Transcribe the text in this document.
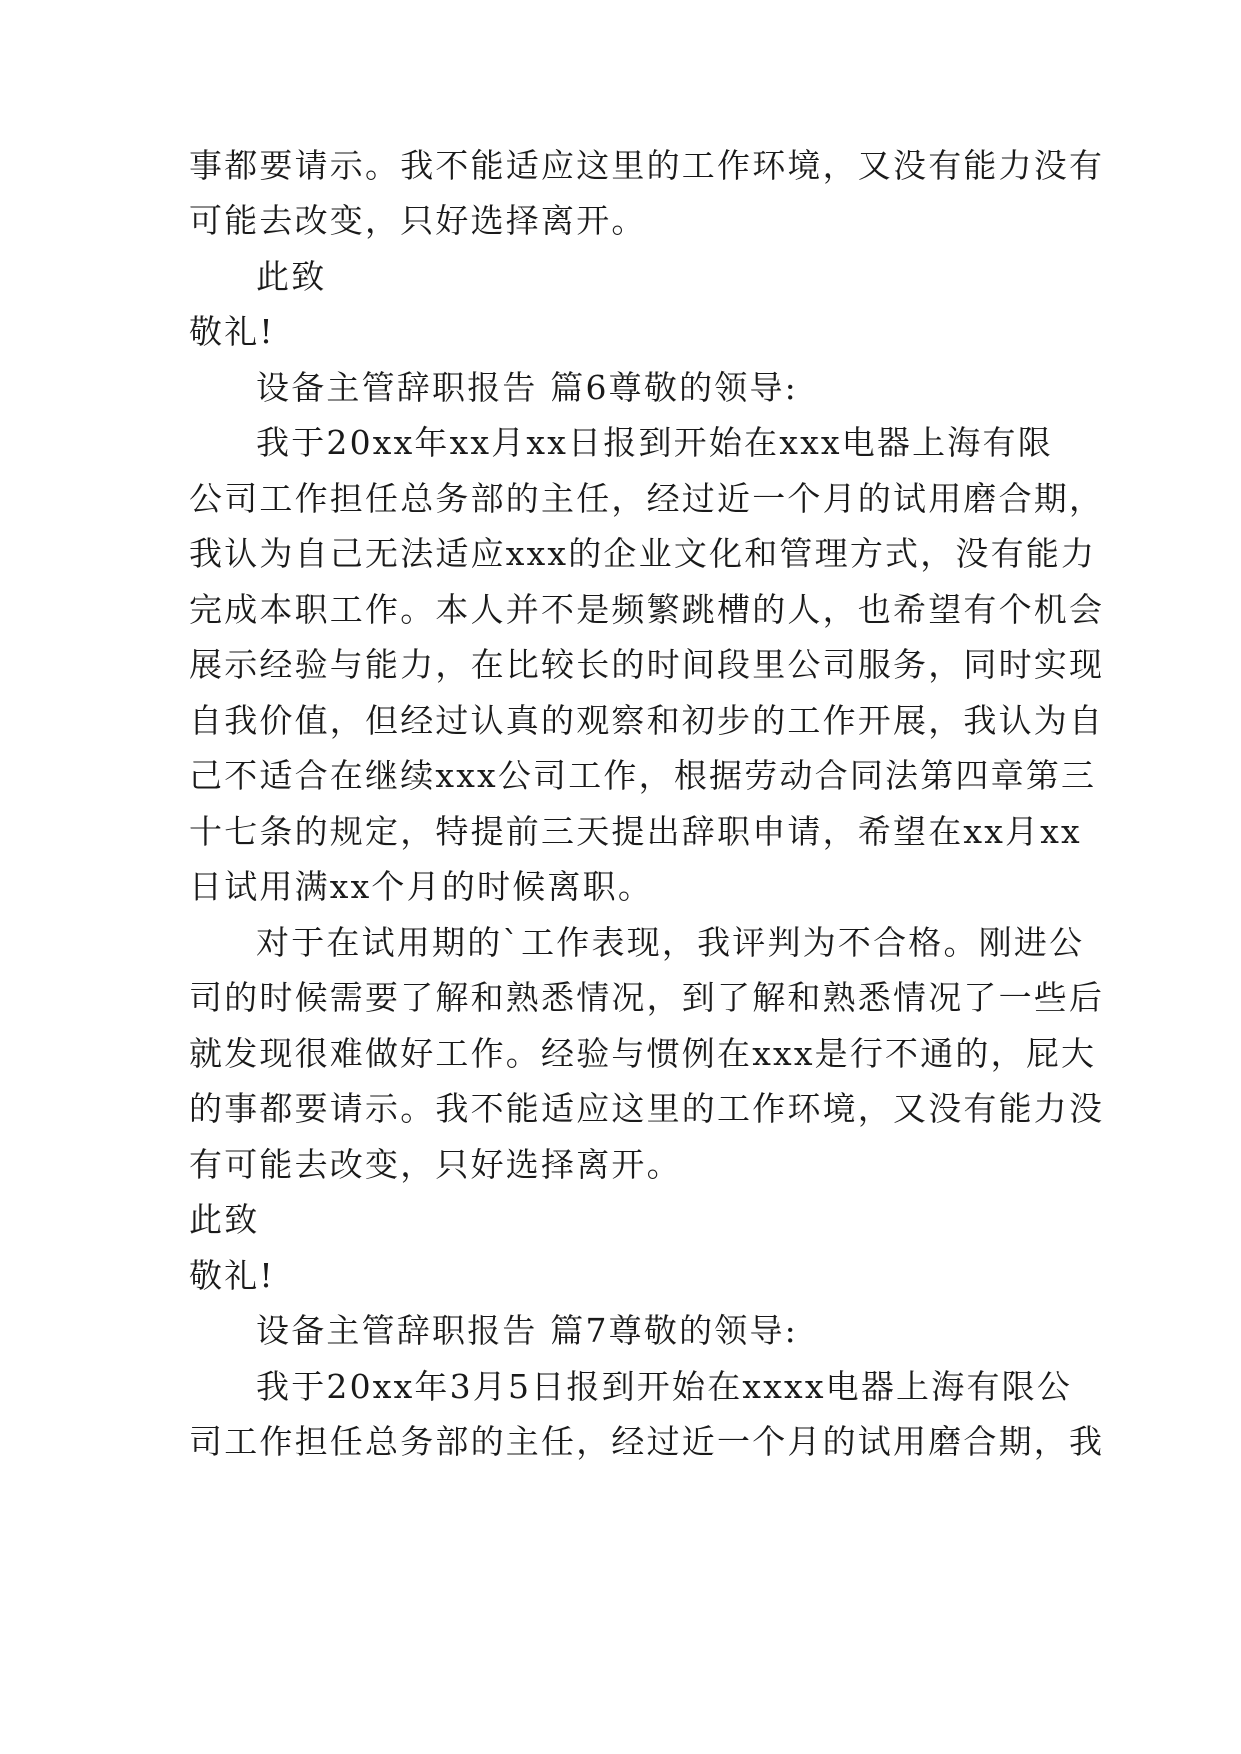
事都要请示。我不能适应这里的工作环境，又没有能力没有

可能去改变，只好选择离开。

此致

敬礼!

设备主管辞职报告 篇6尊敬的领导:

我于20xx年xx月xx日报到开始在xxx电器上海有限

公司工作担任总务部的主任，经过近一个月的试用磨合期，

我认为自己无法适应xxx的企业文化和管理方式，没有能力

完成本职工作。本人并不是频繁跳槽的人，也希望有个机会

展示经验与能力，在比较长的时间段里公司服务，同时实现

自我价值，但经过认真的观察和初步的工作开展，我认为自

己不适合在继续xxx公司工作，根据劳动合同法第四章第三

十七条的规定，特提前三天提出辞职申请，希望在xx月xx

日试用满xx个月的时候离职。

对于在试用期的`工作表现，我评判为不合格。刚进公

司的时候需要了解和熟悉情况，到了解和熟悉情况了一些后

就发现很难做好工作。经验与惯例在xxx是行不通的，屁大

的事都要请示。我不能适应这里的工作环境，又没有能力没

有可能去改变，只好选择离开。

此致

敬礼!

设备主管辞职报告 篇7尊敬的领导:

我于20xx年3月5日报到开始在xxxx电器上海有限公

司工作担任总务部的主任，经过近一个月的试用磨合期，我
